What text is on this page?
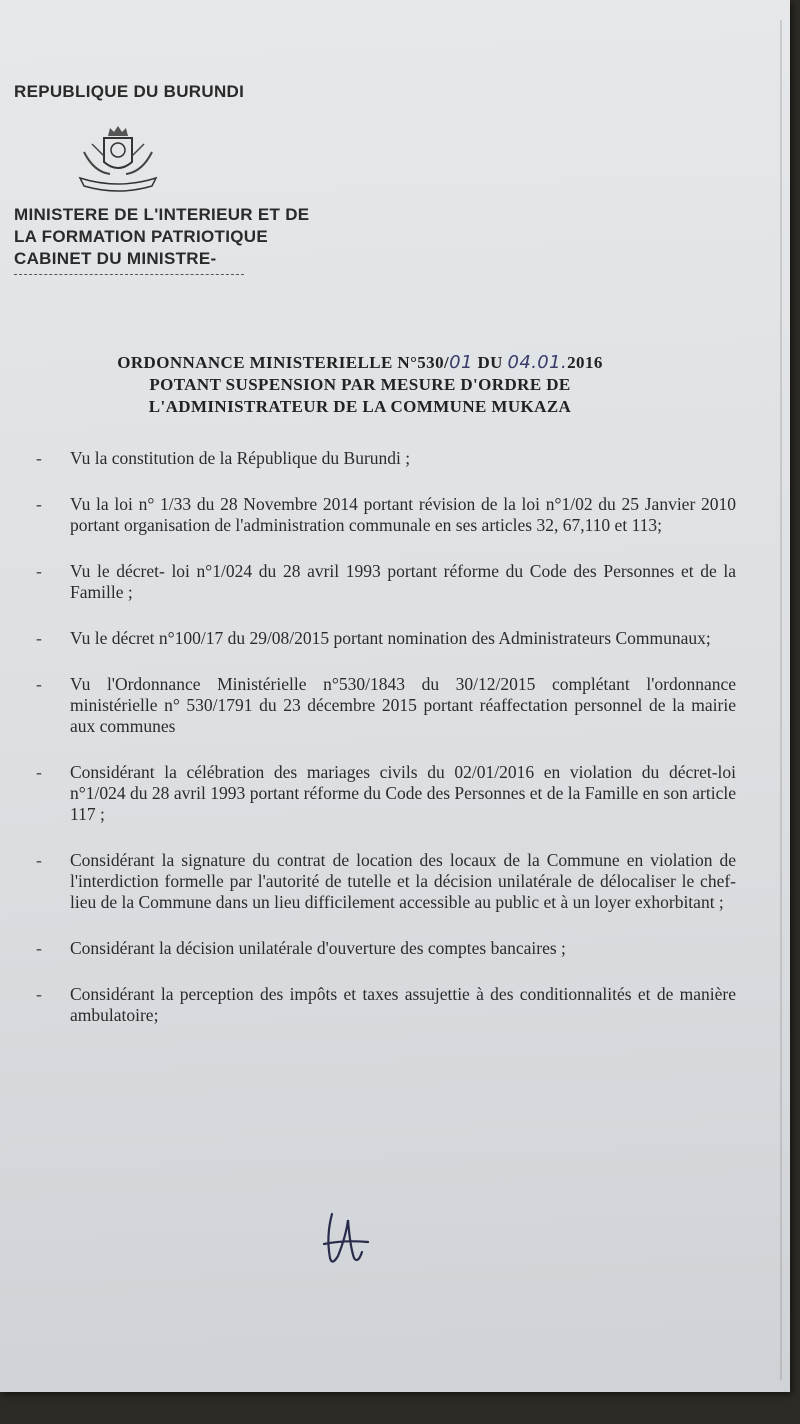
REPUBLIQUE DU BURUNDI

MINISTERE DE L'INTERIEUR ET DE
LA FORMATION PATRIOTIQUE
CABINET DU MINISTRE-
ORDONNANCE MINISTERIELLE N°530/01 DU 04.01.2016
POTANT SUSPENSION PAR MESURE D'ORDRE DE
L'ADMINISTRATEUR DE LA COMMUNE MUKAZA
- Vu la constitution de la République du Burundi ;
- Vu la loi n° 1/33 du 28 Novembre 2014 portant révision de la loi n°1/02 du 25 Janvier 2010 portant organisation de l'administration communale en ses articles 32, 67,110 et 113;
- Vu le décret- loi n°1/024 du 28 avril 1993 portant réforme du Code des Personnes et de la Famille ;
- Vu le décret n°100/17 du 29/08/2015 portant nomination des Administrateurs Communaux;
- Vu l'Ordonnance Ministérielle n°530/1843 du 30/12/2015 complétant l'ordonnance ministérielle n° 530/1791 du 23 décembre 2015 portant réaffectation personnel de la mairie aux communes
- Considérant la célébration des mariages civils du 02/01/2016 en violation du décret-loi n°1/024 du 28 avril 1993 portant réforme du Code des Personnes et de la Famille en son article 117 ;
- Considérant la signature du contrat de location des locaux de la Commune en violation de l'interdiction formelle par l'autorité de tutelle et la décision unilatérale de délocaliser le chef-lieu de la Commune dans un lieu difficilement accessible au public et à un loyer exhorbitant ;
- Considérant la décision unilatérale d'ouverture des comptes bancaires ;
- Considérant la perception des impôts et taxes assujettie à des conditionnalités et de manière ambulatoire;
